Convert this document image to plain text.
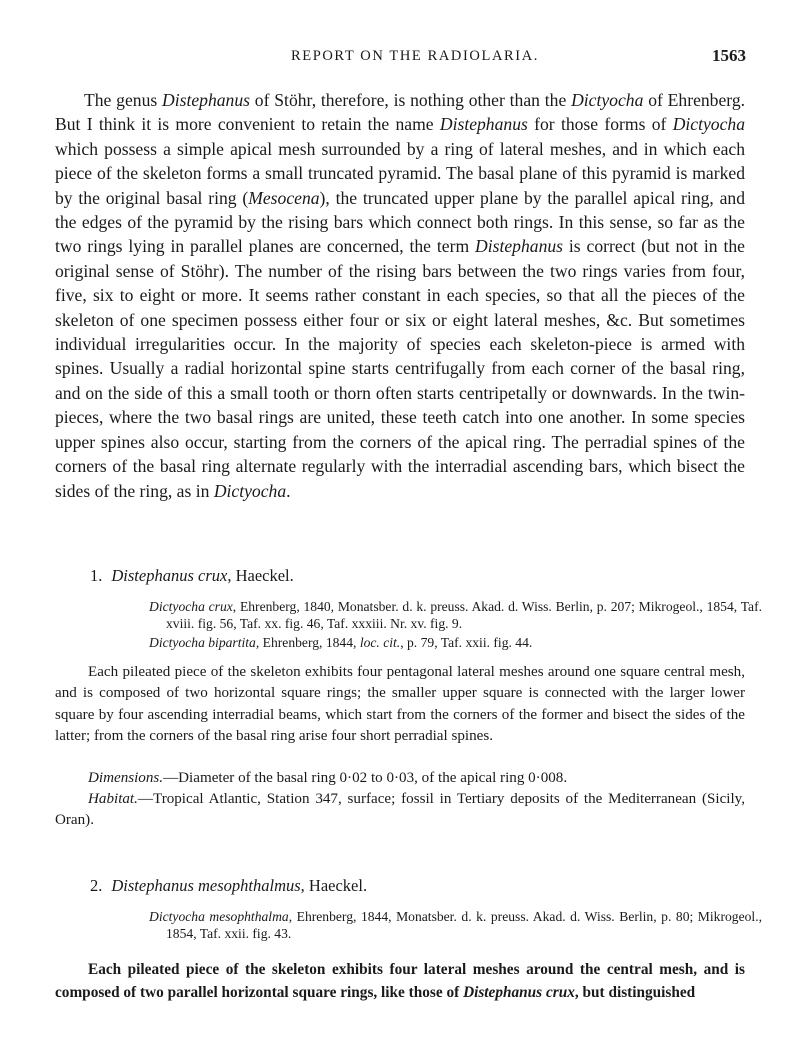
REPORT ON THE RADIOLARIA.	1563

The genus Distephanus of Stöhr, therefore, is nothing other than the Dictyocha of Ehrenberg. But I think it is more convenient to retain the name Distephanus for those forms of Dictyocha which possess a simple apical mesh surrounded by a ring of lateral meshes, and in which each piece of the skeleton forms a small truncated pyramid. The basal plane of this pyramid is marked by the original basal ring (Mesocena), the truncated upper plane by the parallel apical ring, and the edges of the pyramid by the rising bars which connect both rings. In this sense, so far as the two rings lying in parallel planes are concerned, the term Distephanus is correct (but not in the original sense of Stöhr). The number of the rising bars between the two rings varies from four, five, six to eight or more. It seems rather constant in each species, so that all the pieces of the skeleton of one specimen possess either four or six or eight lateral meshes, &c. But sometimes individual irregularities occur. In the majority of species each skeleton-piece is armed with spines. Usually a radial horizontal spine starts centrifugally from each corner of the basal ring, and on the side of this a small tooth or thorn often starts centripetally or downwards. In the twin-pieces, where the two basal rings are united, these teeth catch into one another. In some species upper spines also occur, starting from the corners of the apical ring. The perradial spines of the corners of the basal ring alternate regularly with the interradial ascending bars, which bisect the sides of the ring, as in Dictyocha.

1. Distephanus crux, Haeckel.

Dictyocha crux, Ehrenberg, 1840, Monatsber. d. k. preuss. Akad. d. Wiss. Berlin, p. 207; Mikrogeol., 1854, Taf. xviii. fig. 56, Taf. xx. fig. 46, Taf. xxxiii. Nr. xv. fig. 9.

Dictyocha bipartita, Ehrenberg, 1844, loc. cit., p. 79, Taf. xxii. fig. 44.

Each pileated piece of the skeleton exhibits four pentagonal lateral meshes around one square central mesh, and is composed of two horizontal square rings; the smaller upper square is connected with the larger lower square by four ascending interradial beams, which start from the corners of the former and bisect the sides of the latter; from the corners of the basal ring arise four short perradial spines.

Dimensions.—Diameter of the basal ring 0·02 to 0·03, of the apical ring 0·008.

Habitat.—Tropical Atlantic, Station 347, surface; fossil in Tertiary deposits of the Mediterranean (Sicily, Oran).

2. Distephanus mesophthalmus, Haeckel.

Dictyocha mesophthalma, Ehrenberg, 1844, Monatsber. d. k. preuss. Akad. d. Wiss. Berlin, p. 80; Mikrogeol., 1854, Taf. xxii. fig. 43.

Each pileated piece of the skeleton exhibits four lateral meshes around the central mesh, and is composed of two parallel horizontal square rings, like those of Distephanus crux, but distinguished
